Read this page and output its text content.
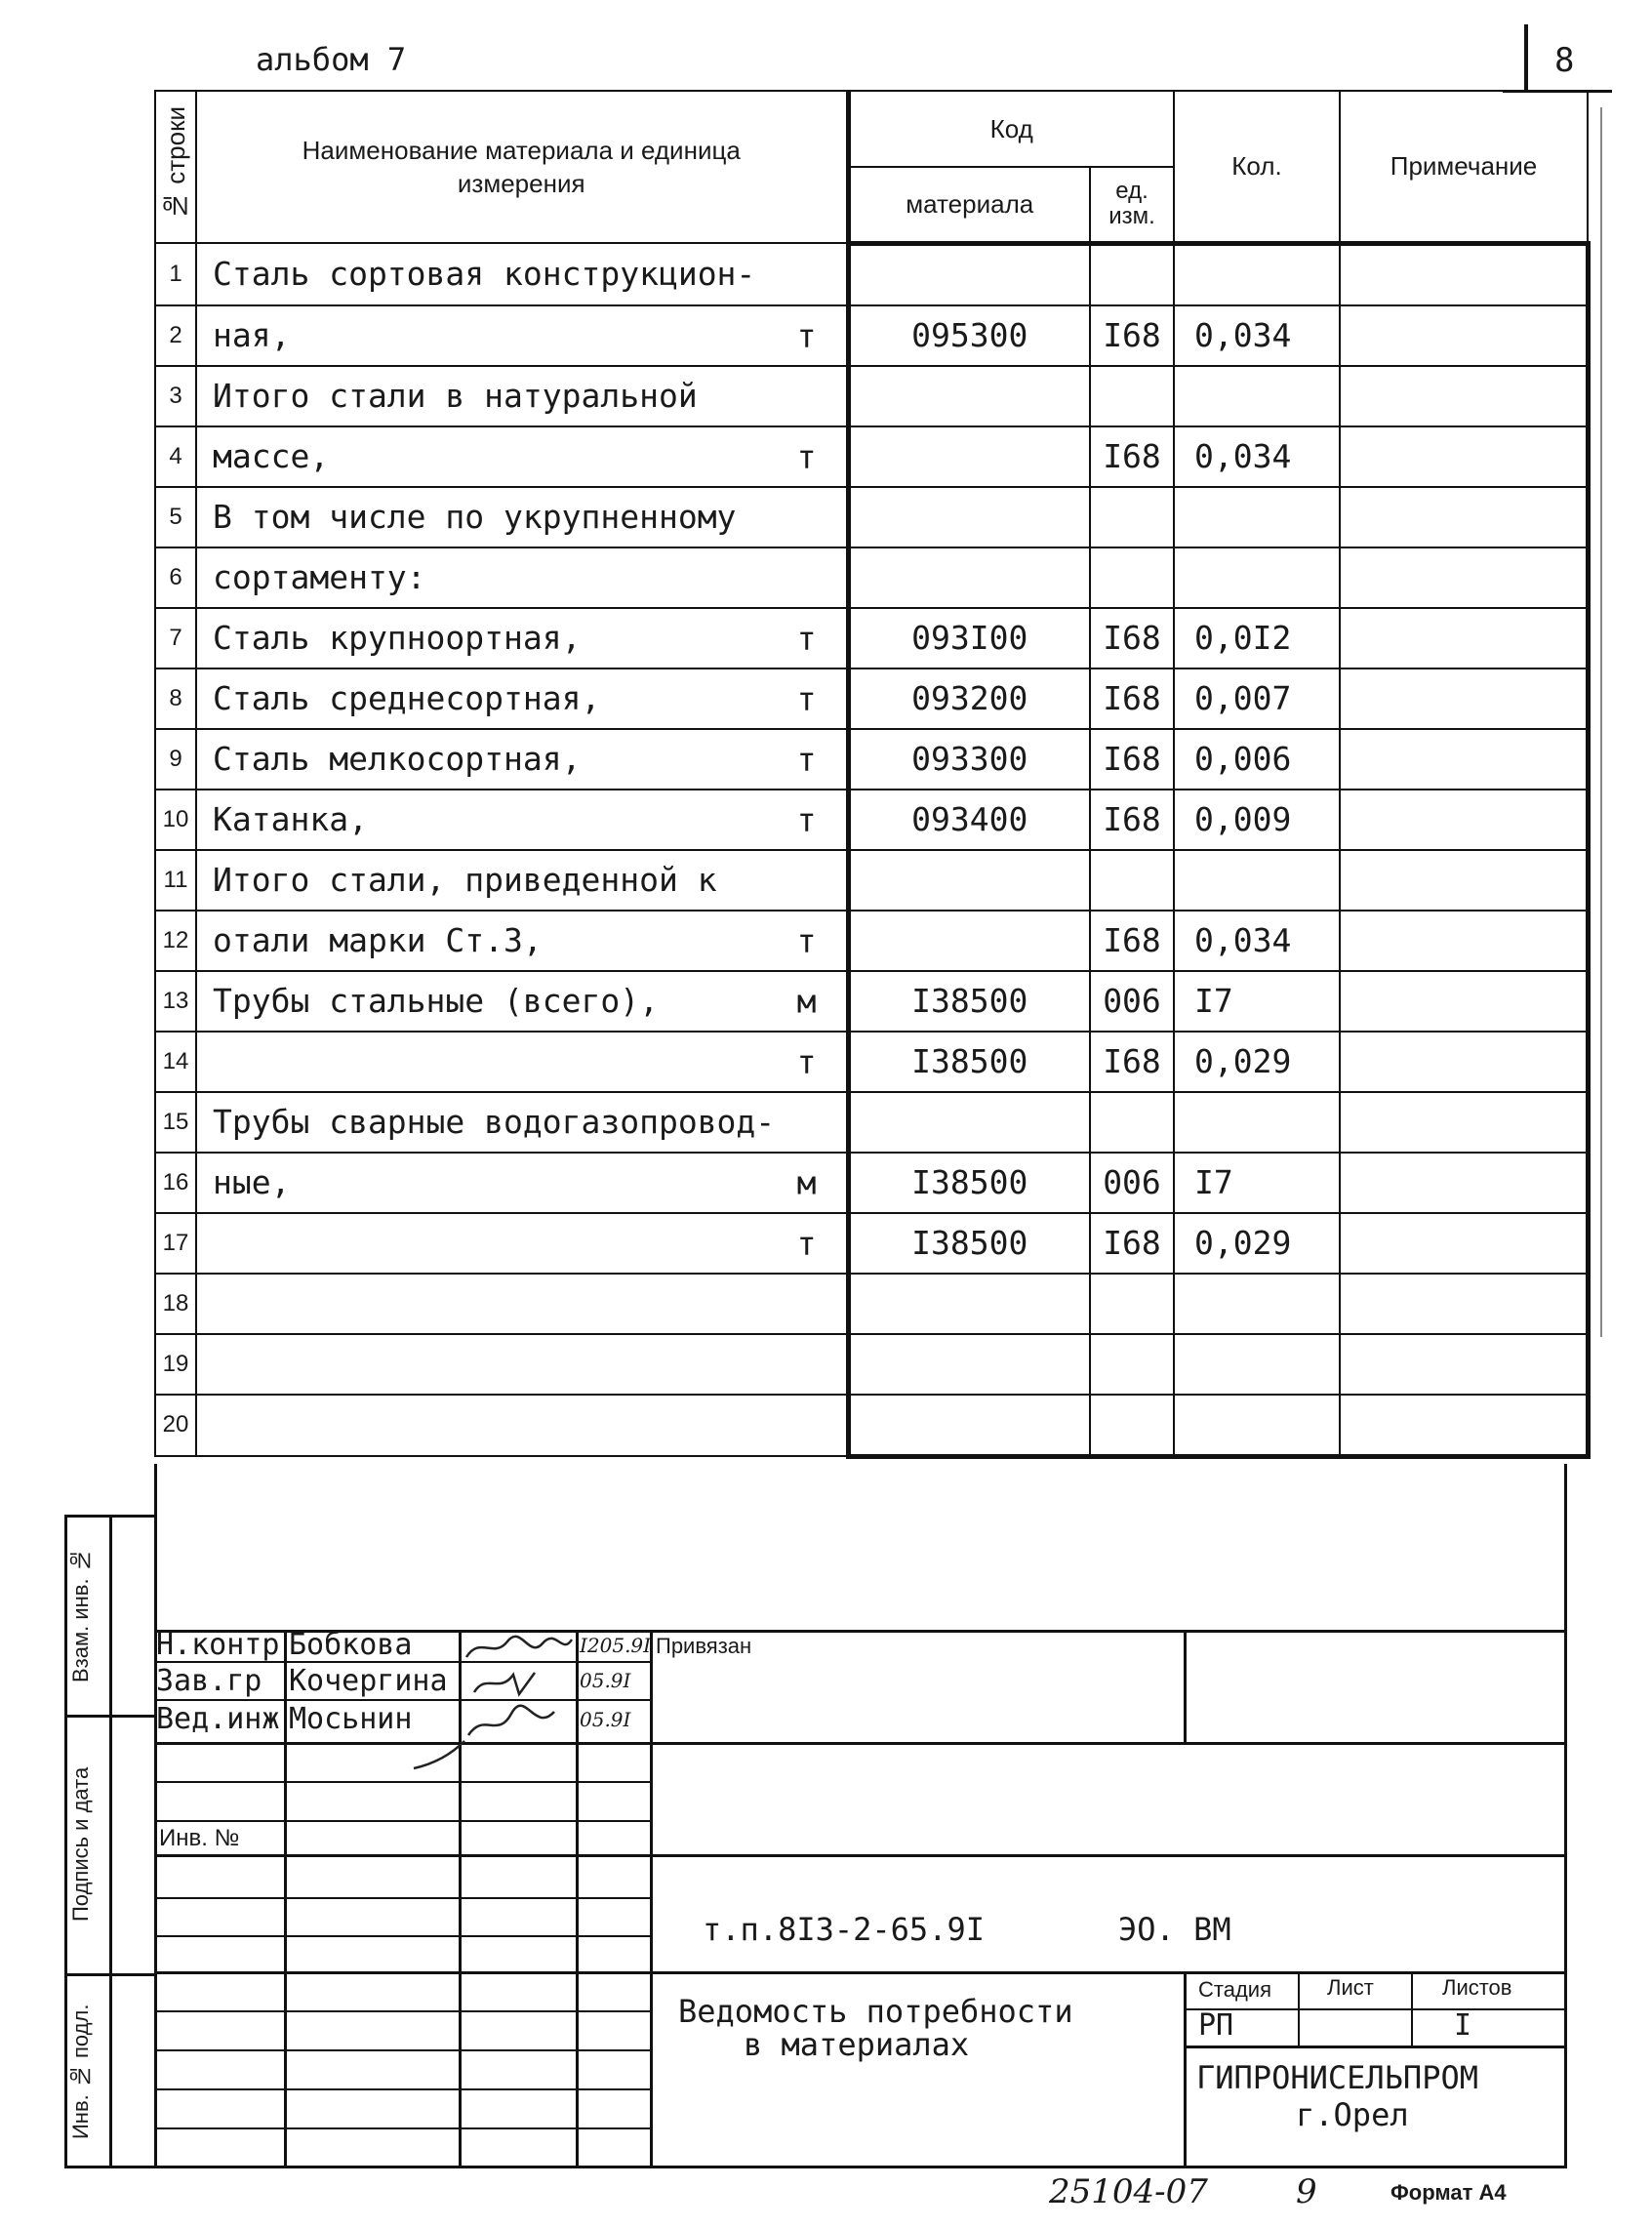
альбом 7	8
№ строки	Наименование материала и единица измерения	Код		Кол.	Примечание
		материала	ед. изм.		

1	Сталь сортовая конструкцион-

2	ная, т	095300	I68	0,034	
3	Итого стали в натуральной

4	массе, т		I68	0,034	
5	В том числе по укрупненному

6	сортаменту:

7	Сталь крупноортная, т	093I00	I68	0,0I2	
8	Сталь среднесортная, т	093200	I68	0,007	
9	Сталь мелкосортная, т	093300	I68	0,006	
10	Катанка, т	093400	I68	0,009	
11	Итого стали, приведенной к

12	отали марки Ст.3, т		I68	0,034	
13	Трубы стальные (всего), м	I38500	006	I7	
14	т	I38500	I68	0,029	
15	Трубы сварные водогазопровод-

16	ные, м	I38500	006	I7	
17	т	I38500	I68	0,029	
18	

19	

20	

Взам. инв. №
Подпись и дата
Инв. № подл.
Н.контр Бобкова	I205.9I
Зав.гр Кочергина	05.9I
Вед.инж Мосьнин	05.9I
Привязан
Инв. №
т.п.8I3-2-65.9I	ЭО. ВМ
Ведомость потребности
в материалах
Стадия	Лист	Листов
РП	I
ГИПРОНИСЕЛЬПРОМ
г.Орел
25104-07	9	Формат А4
